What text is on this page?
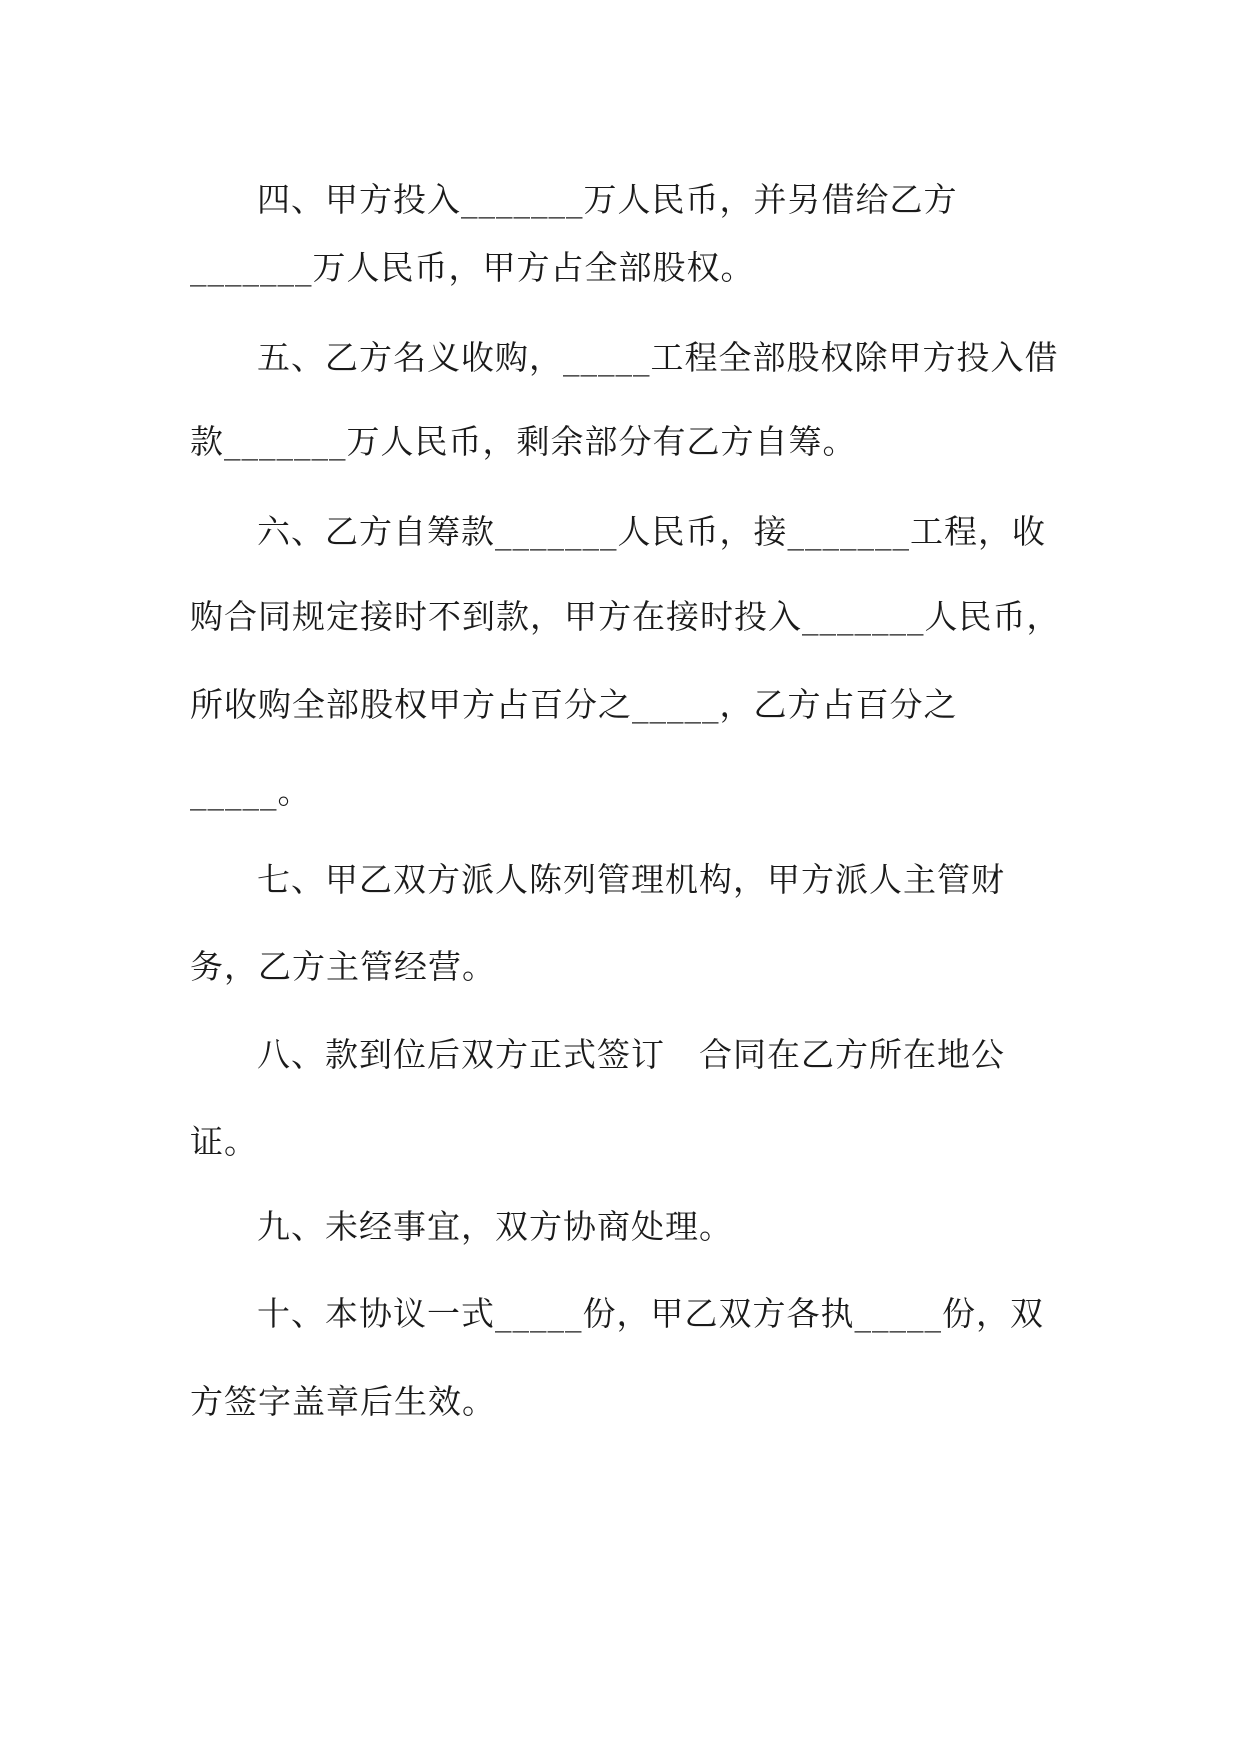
四、甲方投入_______万人民币，并另借给乙方
_______万人民币，甲方占全部股权。
五、乙方名义收购，_____工程全部股权除甲方投入借
款_______万人民币，剩余部分有乙方自筹。
六、乙方自筹款_______人民币，接_______工程，收
购合同规定接时不到款，甲方在接时投入_______人民币，
所收购全部股权甲方占百分之_____，乙方占百分之
_____。
七、甲乙双方派人陈列管理机构，甲方派人主管财
务，乙方主管经营。
八、款到位后双方正式签订　合同在乙方所在地公
证。
九、未经事宜，双方协商处理。
十、本协议一式_____份，甲乙双方各执_____份，双
方签字盖章后生效。
